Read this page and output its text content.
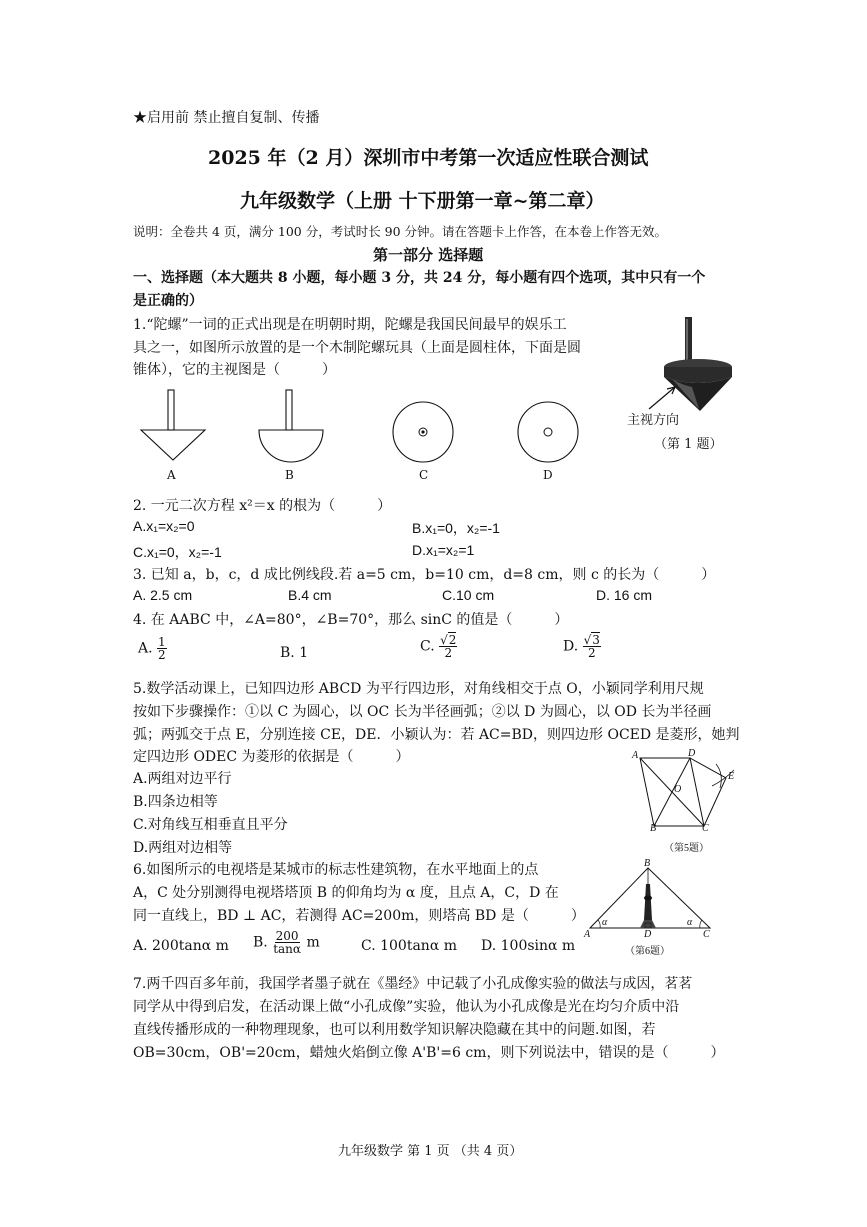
★启用前 禁止擅自复制、传播
2025 年（2 月）深圳市中考第一次适应性联合测试
九年级数学（上册 十下册第一章~第二章）
说明：全卷共 4 页，满分 100 分，考试时长 90 分钟。请在答题卡上作答，在本卷上作答无效。
第一部分 选择题
一、选择题（本大题共 8 小题，每小题 3 分，共 24 分，每小题有四个选项，其中只有一个
是正确的）
1.“陀螺”一词的正式出现是在明朝时期，陀螺是我国民间最早的娱乐工
具之一，如图所示放置的是一个木制陀螺玩具（上面是圆柱体，下面是圆
锥体），它的主视图是（　　　）
主视方向
（第 1 题）
A	B	C	D
2. 一元二次方程 x²＝x 的根为（　　　）
A.x₁=x₂=0	B.x₁=0，x₂=-1
C.x₁=0，x₂=-1	D.x₁=x₂=1
3. 已知 a，b，c，d 成比例线段.若 a=5 cm，b=10 cm，d=8 cm，则 c 的长为（　　　）
A. 2.5 cm	B.4 cm	C.10 cm	D. 16 cm
4. 在 AABC 中，∠A=80°，∠B=70°，那么 sinC 的值是（　　　）
A. $\frac{1}{2}$	B. 1	C. $\frac{√2}{2}$	D. $\frac{√3}{2}$
5.数学活动课上，已知四边形 ABCD 为平行四边形，对角线相交于点 O，小颖同学利用尺规
按如下步骤操作：①以 C 为圆心，以 OC 长为半径画弧；②以 D 为圆心，以 OD 长为半径画
弧；两弧交于点 E，分别连接 CE，DE．小颖认为：若 AC=BD，则四边形 OCED 是菱形，她判
定四边形 ODEC 为菱形的依据是（　　　）
A.两组对边平行
B.四条边相等
C.对角线互相垂直且平分
D.两组对边相等
A	D
E
O
B	C
（第5题）
6.如图所示的电视塔是某城市的标志性建筑物，在水平地面上的点
A，C 处分别测得电视塔塔顶 B 的仰角均为 α 度，且点 A，C，D 在
同一直线上，BD ⊥ AC，若测得 AC=200m，则塔高 BD 是（　　　）
B
A	D	C
α	α
（第6题）
A. 200tanα m B. $\frac{200}{\tan\alpha}$ m	C. 100tanα m D. 100sinα m
7.两千四百多年前，我国学者墨子就在《墨经》中记载了小孔成像实验的做法与成因，茗茗
同学从中得到启发，在活动课上做“小孔成像”实验，他认为小孔成像是光在均匀介质中沿
直线传播形成的一种物理现象，也可以利用数学知识解决隐藏在其中的问题.如图，若
OB=30cm，OB'=20cm，蜡烛火焰倒立像 A'B'=6 cm，则下列说法中，错误的是（　　　）
九年级数学 第 1 页 （共 4 页）
